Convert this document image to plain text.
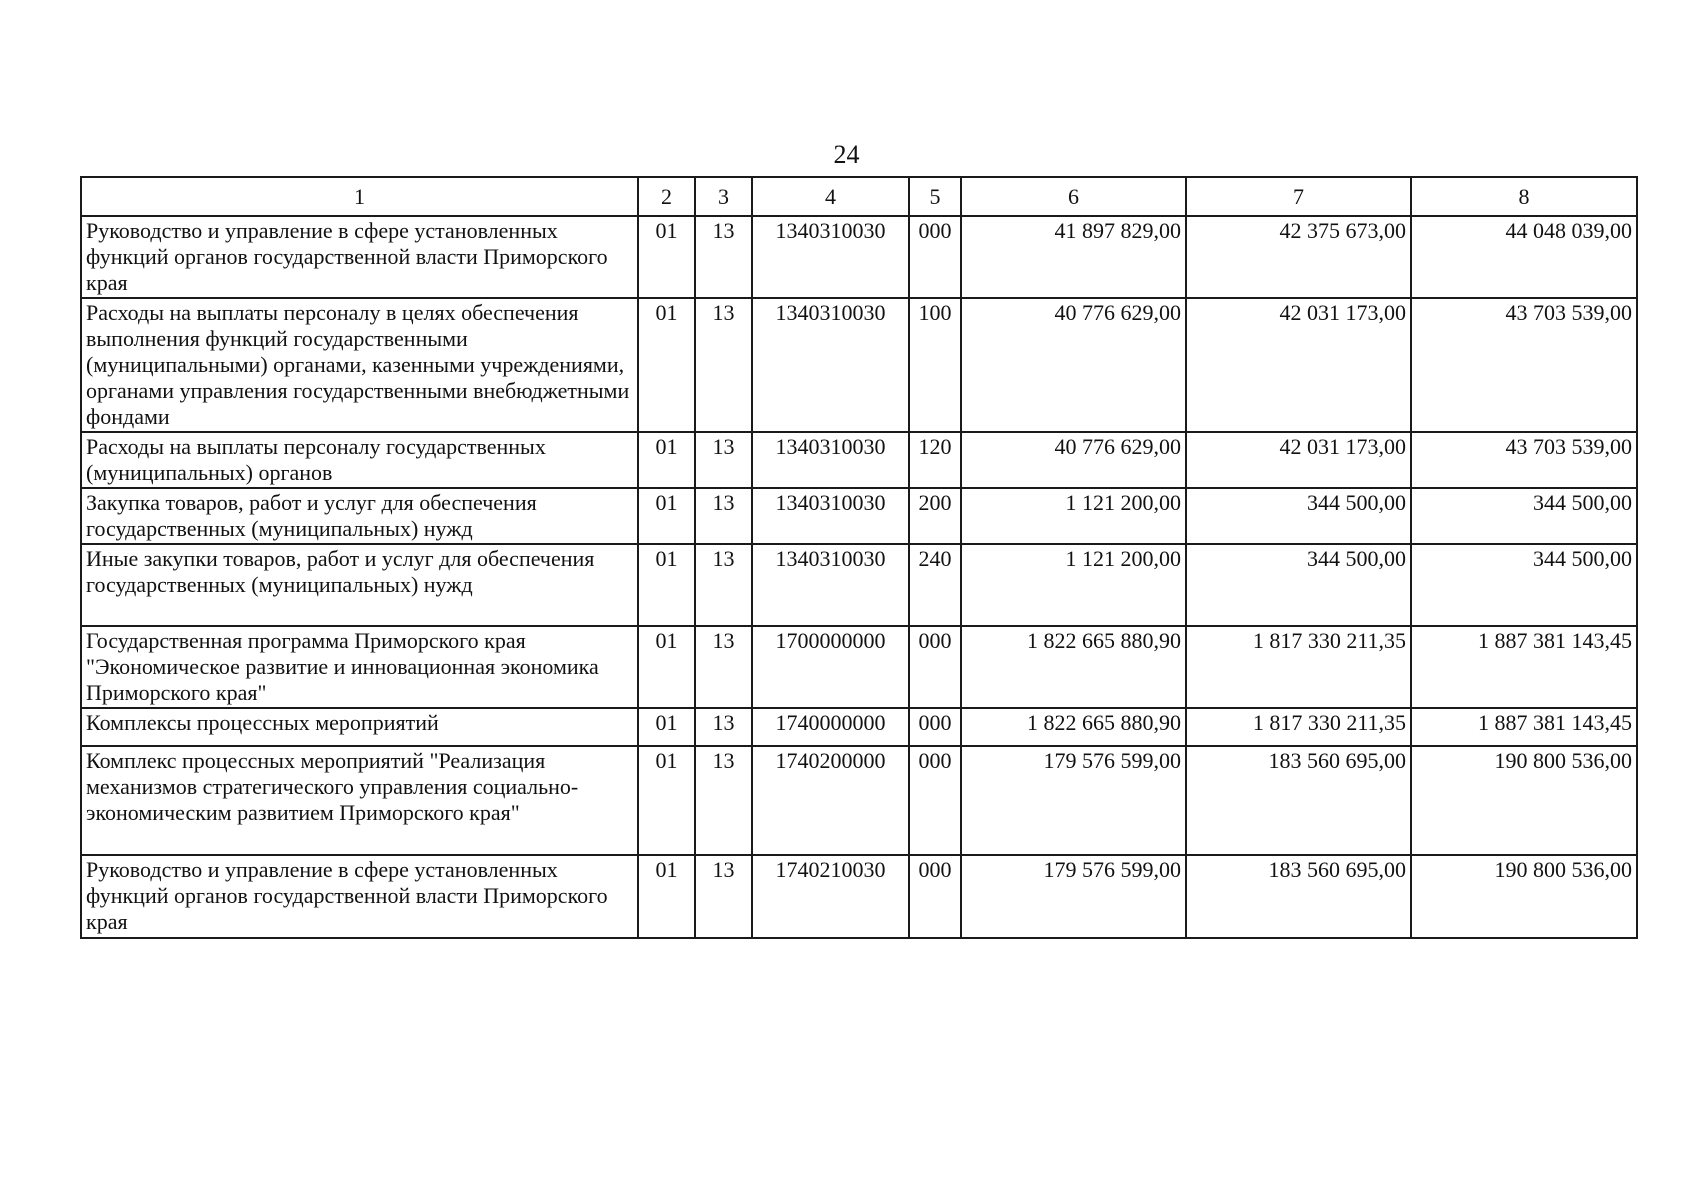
24
1	2	3	4	5	6	7	8
Руководство и управление в сфере установленных функций органов государственной власти Приморского края	01	13	1340310030	000	41 897 829,00	42 375 673,00	44 048 039,00
Расходы на выплаты персоналу в целях обеспечения выполнения функций государственными (муниципальными) органами, казенными учреждениями, органами управления государственными внебюджетными фондами	01	13	1340310030	100	40 776 629,00	42 031 173,00	43 703 539,00
Расходы на выплаты персоналу государственных (муниципальных) органов	01	13	1340310030	120	40 776 629,00	42 031 173,00	43 703 539,00
Закупка товаров, работ и услуг для обеспечения государственных (муниципальных) нужд	01	13	1340310030	200	1 121 200,00	344 500,00	344 500,00
Иные закупки товаров, работ и услуг для обеспечения государственных (муниципальных) нужд	01	13	1340310030	240	1 121 200,00	344 500,00	344 500,00
Государственная программа Приморского края "Экономическое развитие и инновационная экономика Приморского края"	01	13	1700000000	000	1 822 665 880,90	1 817 330 211,35	1 887 381 143,45
Комплексы процессных мероприятий	01	13	1740000000	000	1 822 665 880,90	1 817 330 211,35	1 887 381 143,45
Комплекс процессных мероприятий "Реализация механизмов стратегического управления социально-экономическим развитием Приморского края"	01	13	1740200000	000	179 576 599,00	183 560 695,00	190 800 536,00
Руководство и управление в сфере установленных функций органов государственной власти Приморского края	01	13	1740210030	000	179 576 599,00	183 560 695,00	190 800 536,00
